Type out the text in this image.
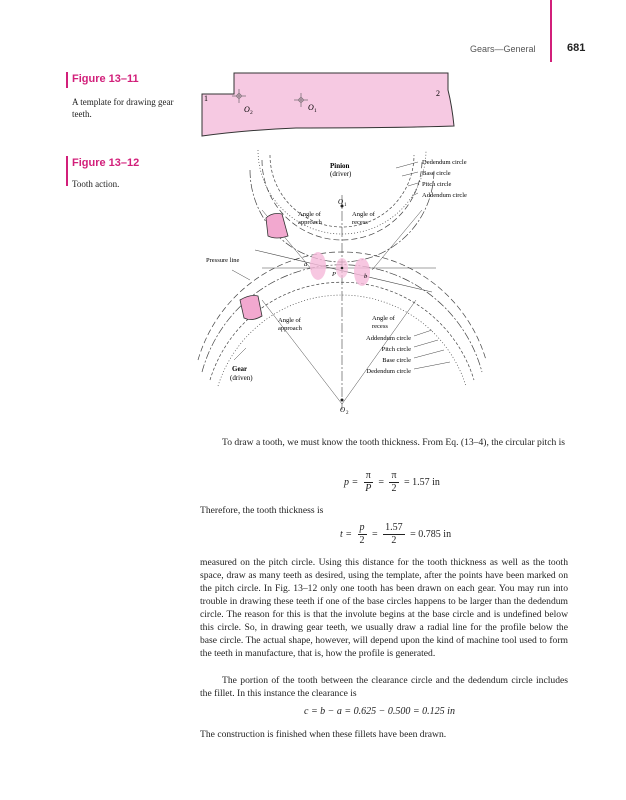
Gears—General	681
Figure 13–11
A template for drawing gear teeth.
1
2
O 2
O 1
Figure 13–12
Tooth action.
Pinion
(driver)
Dedendum circle
Base circle
Pitch circle
Addendum circle
O 1
Angle of
approach
Angle of
recess
Pressure line
a
P	b
Angle of
approach
Angle of
recess
Addendum circle
Pitch circle
Base circle
Dedendum circle
Gear
(driven)
O 2
To draw a tooth, we must know the tooth thickness. From Eq. (13–4), the circular pitch is
$p = \frac{\pi}{P} = \frac{\pi}{2} = 1.57$ in
Therefore, the tooth thickness is
$t = \frac{p}{2} = \frac{1.57}{2} = 0.785$ in
measured on the pitch circle. Using this distance for the tooth thickness as well as the tooth space, draw as many teeth as desired, using the template, after the points have been marked on the pitch circle. In Fig. 13–12 only one tooth has been drawn on each gear. You may run into trouble in drawing these teeth if one of the base circles happens to be larger than the dedendum circle. The reason for this is that the involute begins at the base circle and is undefined below this circle. So, in drawing gear teeth, we usually draw a radial line for the profile below the base circle. The actual shape, however, will depend upon the kind of machine tool used to form the teeth in manufacture, that is, how the profile is generated.
The portion of the tooth between the clearance circle and the dedendum circle includes the fillet. In this instance the clearance is
c = b − a = 0.625 − 0.500 = 0.125 in
The construction is finished when these fillets have been drawn.
